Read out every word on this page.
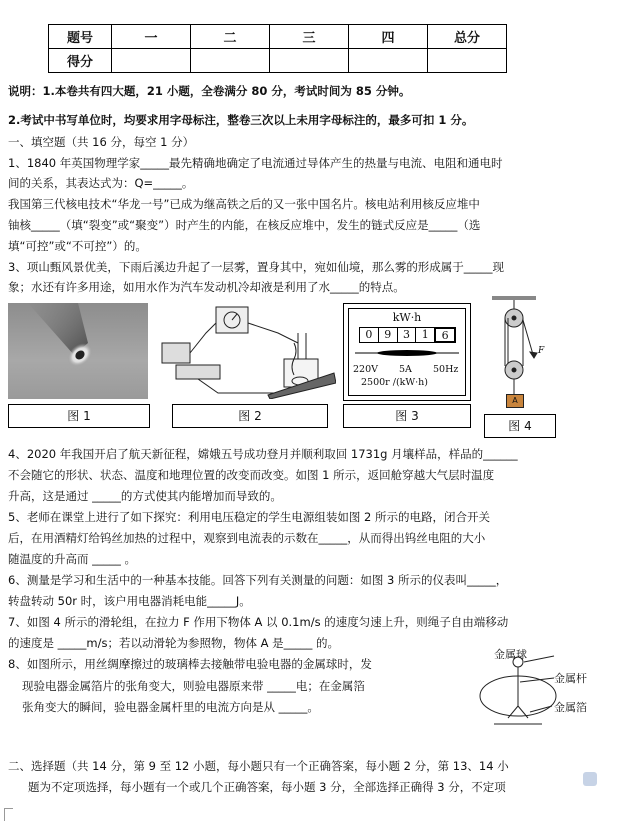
题号	一	二	三	四	总分
得分					
说明：1.本卷共有四大题，21 小题，全卷满分 80 分，考试时间为 85 分钟。
2.考试中书写单位时，均要求用字母标注，整卷三次以上未用字母标注的，最多可扣 1 分。
一、填空题（共 16 分，每空 1 分）
1、1840 年英国物理学家_____最先精确地确定了电流通过导体产生的热量与电流、电阻和通电时
间的关系，其表达式为：Q=_____。
我国第三代核电技术“华龙一号”已成为继高铁之后的又一张中国名片。核电站利用核反应堆中
铀核_____（填“裂变”或“聚变”）时产生的内能，在核反应堆中，发生的链式反应是_____（选
填“可控”或“不可控”）的。
3、项山甄风景优美，下雨后溪边升起了一层雾，置身其中，宛如仙境，那么雾的形成属于_____现
象；水还有许多用途，如用水作为汽车发动机冷却液是利用了水_____的特点。
图 1	图 2
kW·h
0	9	3	1	6
220V 5A 50Hz
2500r /(kW·h)
图 3
F
A
图 4
4、2020 年我国开启了航天新征程，嫦娥五号成功登月并顺利取回 1731g 月壤样品，样品的______
不会随它的形状、状态、温度和地理位置的改变而改变。如图 1 所示，返回舱穿越大气层时温度
升高，这是通过 _____的方式使其内能增加而导致的。
5、老师在课堂上进行了如下探究：利用电压稳定的学生电源组装如图 2 所示的电路，闭合开关
后，在用酒精灯给钨丝加热的过程中，观察到电流表的示数在_____，从而得出钨丝电阻的大小
随温度的升高而 _____ 。
6、测量是学习和生活中的一种基本技能。回答下列有关测量的问题：如图 3 所示的仪表叫_____，
转盘转动 50r 时，该户用电器消耗电能_____J。
7、如图 4 所示的滑轮组，在拉力 F 作用下物体 A 以 0.1m/s 的速度匀速上升，则绳子自由端移动
的速度是 _____m/s；若以动滑轮为参照物，物体 A 是_____ 的。
8、如图所示，用丝绸摩擦过的玻璃棒去接触带电验电器的金属球时，发
现验电器金属箔片的张角变大，则验电器原来带 _____电；在金属箔
张角变大的瞬间，验电器金属杆里的电流方向是从 _____。
金属球
金属杆
金属箔
二、选择题（共 14 分，第 9 至 12 小题，每小题只有一个正确答案，每小题 2 分，第 13、14 小
题为不定项选择，每小题有一个或几个正确答案，每小题 3 分，全部选择正确得 3 分，不定项
